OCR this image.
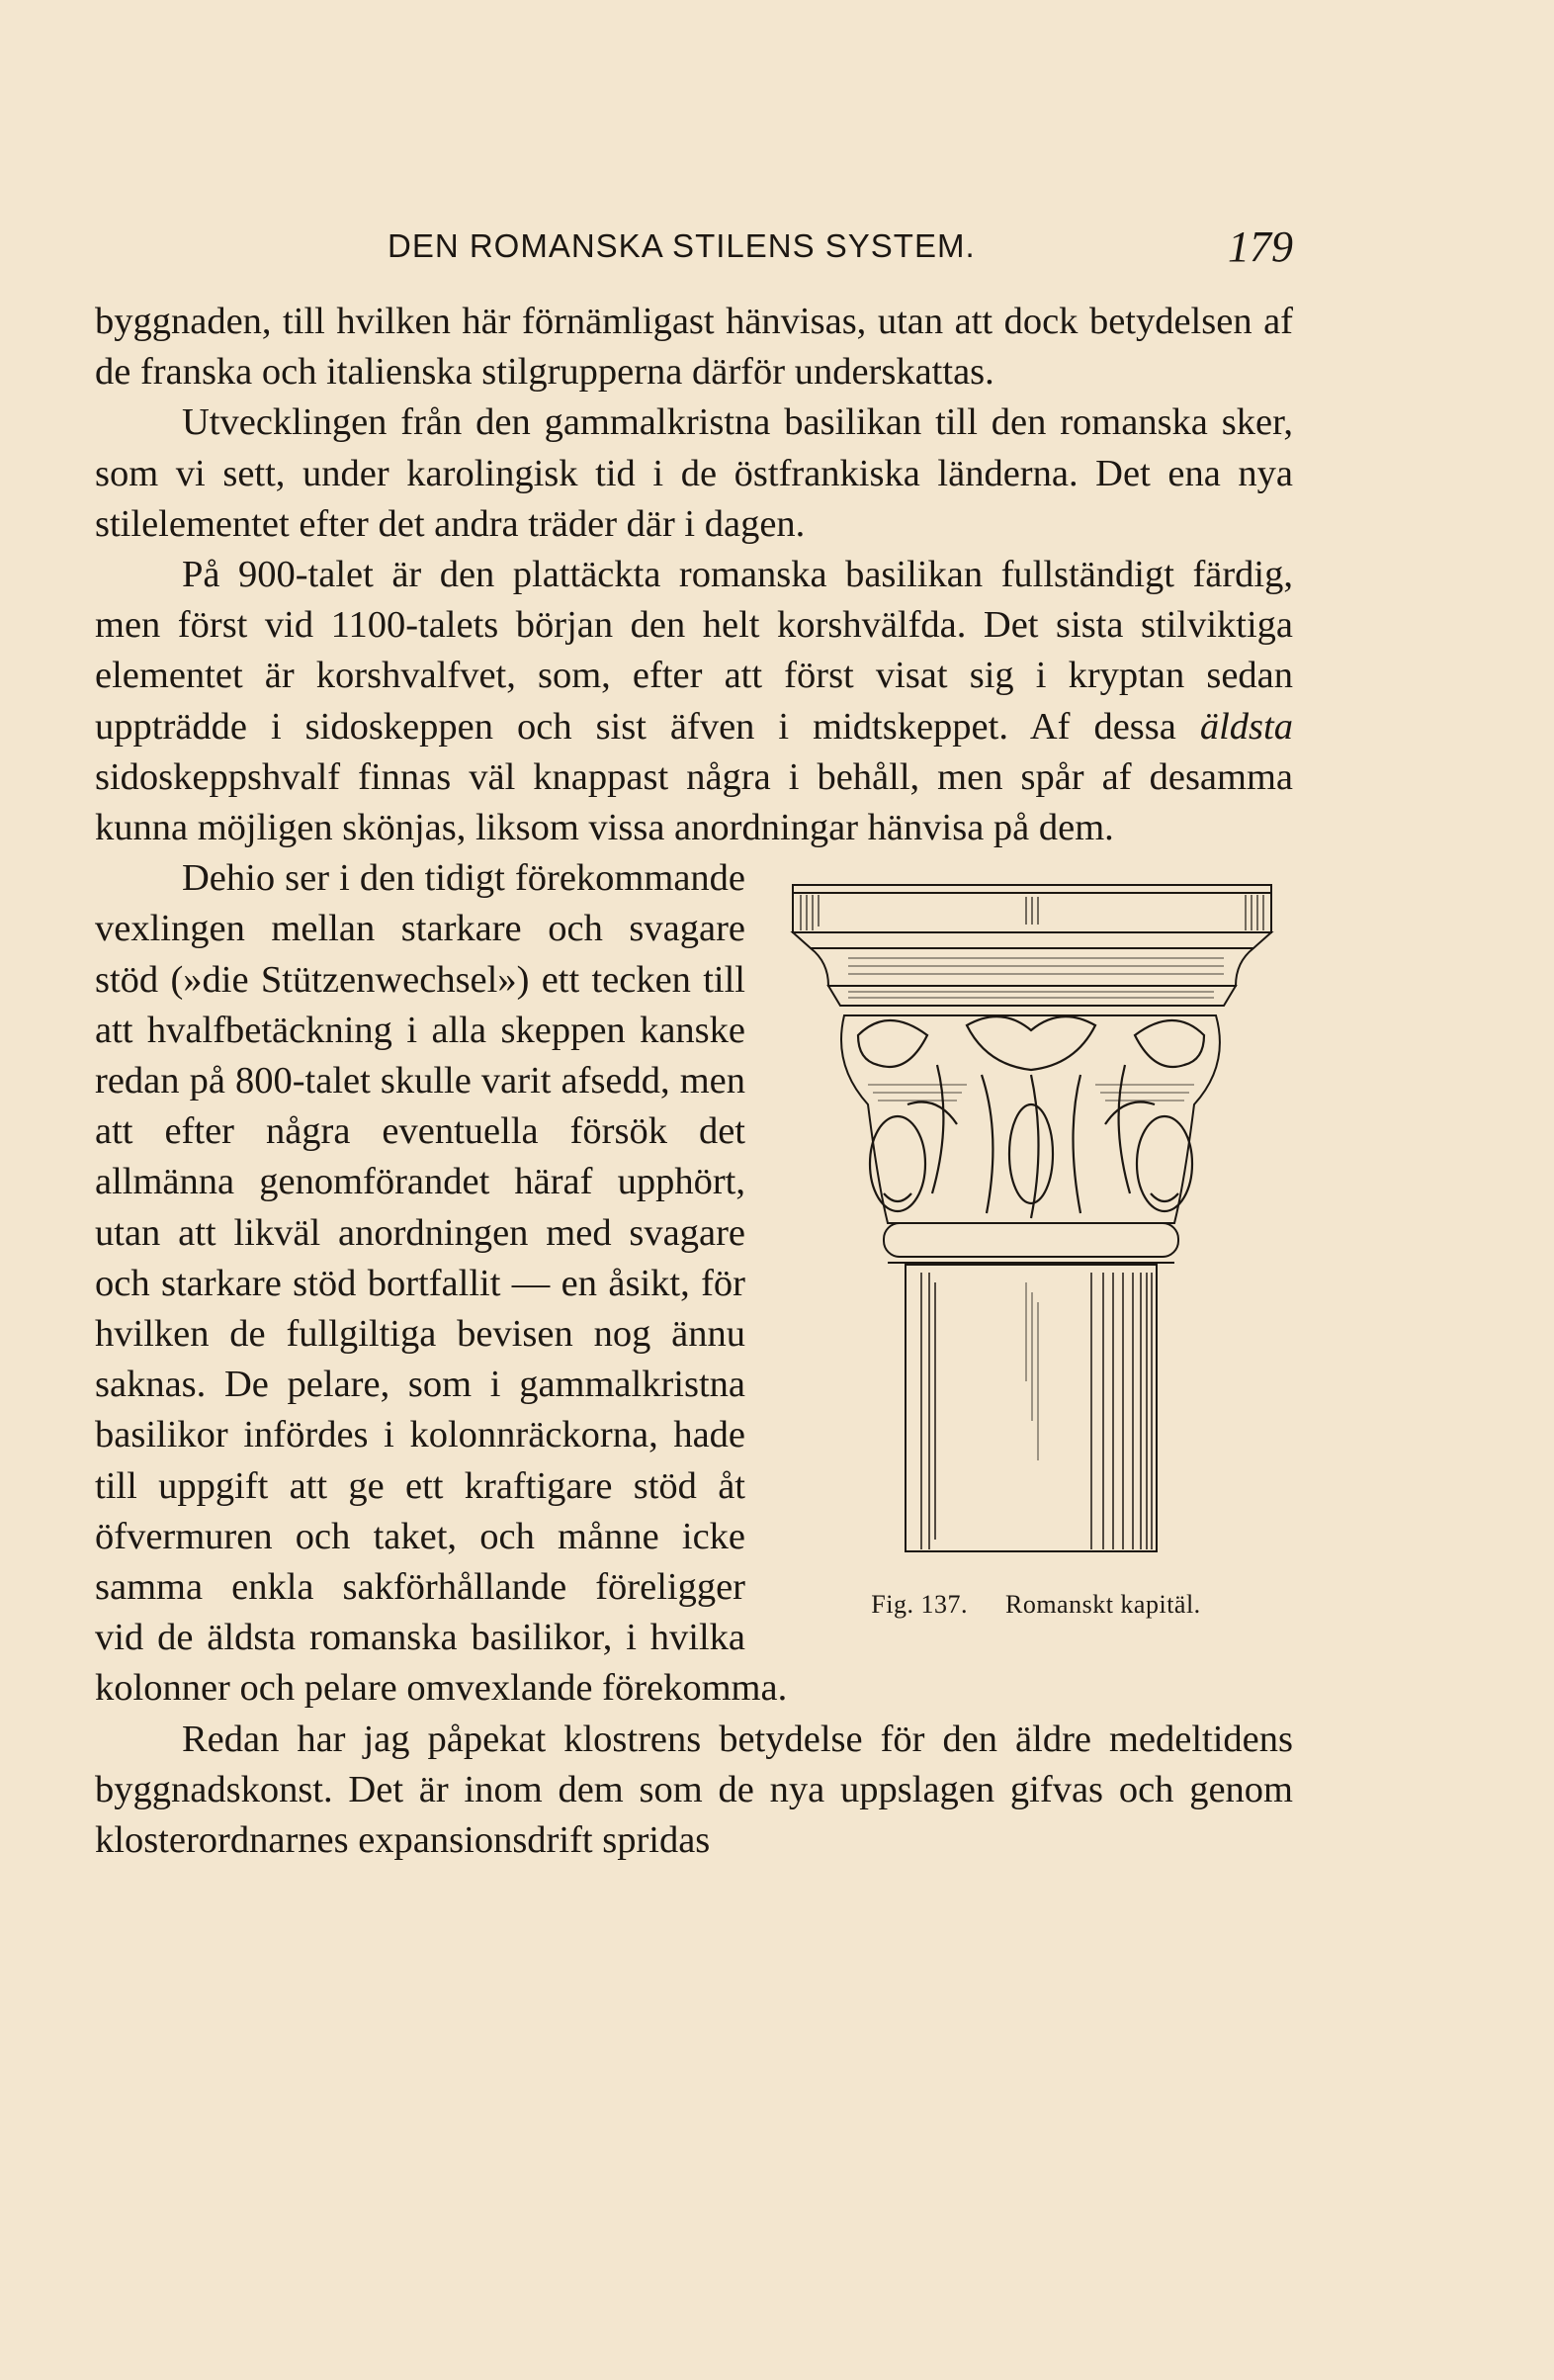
DEN ROMANSKA STILENS SYSTEM.	179

byggnaden, till hvilken här förnämligast hänvisas, utan att dock betydelsen af de franska och italienska stilgrupperna därför underskattas.

Utvecklingen från den gammalkristna basilikan till den romanska sker, som vi sett, under karolingisk tid i de östfrankiska länderna. Det ena nya stilelementet efter det andra träder där i dagen.

På 900-talet är den plattäckta romanska basilikan fullständigt färdig, men först vid 1100-talets början den helt korshvälfda. Det sista stilviktiga elementet är korshvalfvet, som, efter att först visat sig i kryptan sedan uppträdde i sidoskeppen och sist äfven i midtskeppet. Af dessa äldsta sidoskeppshvalf finnas väl knappast några i behåll, men spår af desamma kunna möjligen skönjas, liksom vissa anordningar hänvisa på dem.

Fig. 137. Romanskt kapitäl.

Dehio ser i den tidigt förekommande vexlingen mellan starkare och svagare stöd (»die Stützenwechsel») ett tecken till att hvalfbetäckning i alla skeppen kanske redan på 800-talet skulle varit afsedd, men att efter några eventuella försök det allmänna genomförandet häraf upphört, utan att likväl anordningen med svagare och starkare stöd bortfallit — en åsikt, för hvilken de fullgiltiga bevisen nog ännu saknas. De pelare, som i gammalkristna basilikor infördes i kolonnräckorna, hade till uppgift att ge ett kraftigare stöd åt öfvermuren och taket, och månne icke samma enkla sakförhållande föreligger vid de äldsta romanska basilikor, i hvilka kolonner och pelare omvexlande förekomma.

Redan har jag påpekat klostrens betydelse för den äldre medeltidens byggnadskonst. Det är inom dem som de nya uppslagen gifvas och genom klosterordnarnes expansionsdrift spridas
